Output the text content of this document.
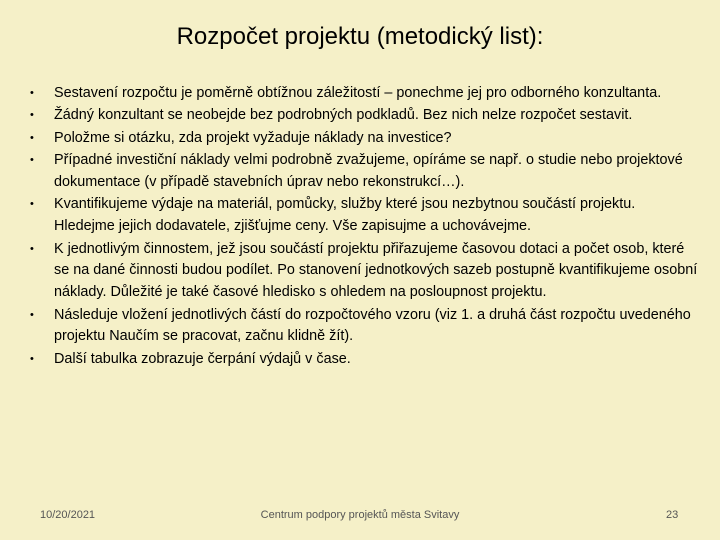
Rozpočet projektu (metodický list):
•	Sestavení rozpočtu je poměrně obtížnou záležitostí – ponechme jej pro odborného konzultanta.
•	Žádný konzultant se neobejde bez podrobných podkladů. Bez nich nelze rozpočet sestavit.
•	Položme si otázku, zda projekt vyžaduje náklady na investice?
•	Případné investiční náklady velmi podrobně zvažujeme, opíráme se např. o studie nebo projektové dokumentace (v případě stavebních úprav nebo rekonstrukcí…).
•	Kvantifikujeme výdaje na materiál, pomůcky, služby které jsou nezbytnou součástí projektu. Hledejme jejich dodavatele, zjišťujme ceny. Vše zapisujme a uchovávejme.
•	K jednotlivým činnostem, jež jsou součástí projektu přiřazujeme časovou dotaci a počet osob, které se na dané činnosti budou podílet. Po stanovení jednotkových sazeb postupně kvantifikujeme osobní náklady. Důležité je také časové hledisko s ohledem na posloupnost projektu.
•	Následuje vložení jednotlivých částí do rozpočtového vzoru (viz 1. a druhá část rozpočtu uvedeného projektu Naučím se pracovat, začnu klidně žít).
•	Další tabulka zobrazuje čerpání výdajů v čase.
10/20/2021	Centrum podpory projektů města Svitavy	23
